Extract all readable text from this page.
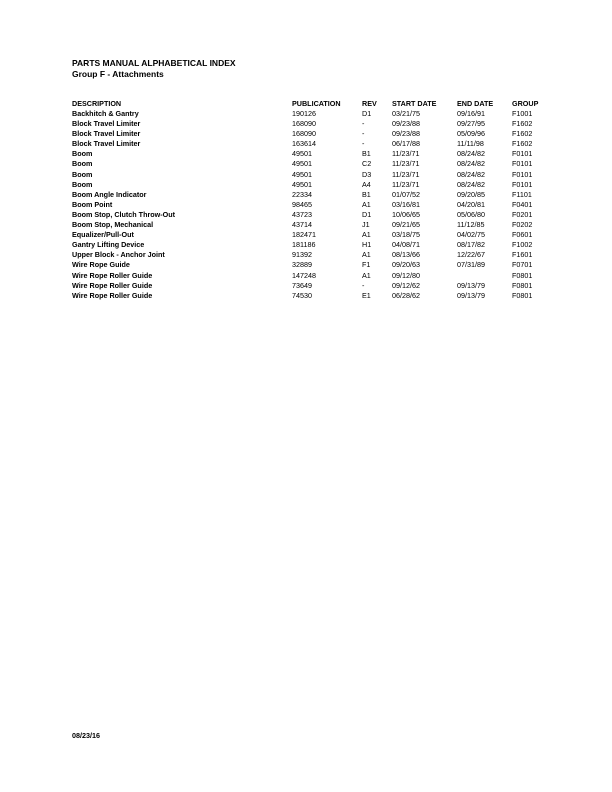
PARTS MANUAL ALPHABETICAL INDEX
Group F - Attachments
DESCRIPTION	PUBLICATION	REV	START DATE	END DATE	GROUP
Backhitch & Gantry	190126	D1	03/21/75	09/16/91	F1001
Block Travel Limiter	168090	-	09/23/88	09/27/95	F1602
Block Travel Limiter	168090	-	09/23/88	05/09/96	F1602
Block Travel Limiter	163614	-	06/17/88	11/11/98	F1602
Boom	49501	B1	11/23/71	08/24/82	F0101
Boom	49501	C2	11/23/71	08/24/82	F0101
Boom	49501	D3	11/23/71	08/24/82	F0101
Boom	49501	A4	11/23/71	08/24/82	F0101
Boom Angle Indicator	22334	B1	01/07/52	09/20/85	F1101
Boom Point	98465	A1	03/16/81	04/20/81	F0401
Boom Stop, Clutch Throw-Out	43723	D1	10/06/65	05/06/80	F0201
Boom Stop, Mechanical	43714	J1	09/21/65	11/12/85	F0202
Equalizer/Pull-Out	182471	A1	03/18/75	04/02/75	F0601
Gantry Lifting Device	181186	H1	04/08/71	08/17/82	F1002
Upper Block - Anchor Joint	91392	A1	08/13/66	12/22/67	F1601
Wire Rope Guide	32889	F1	09/20/63	07/31/89	F0701
Wire Rope Roller Guide	147248	A1	09/12/80		F0801
Wire Rope Roller Guide	73649	-	09/12/62	09/13/79	F0801
Wire Rope Roller Guide	74530	E1	06/28/62	09/13/79	F0801
08/23/16
